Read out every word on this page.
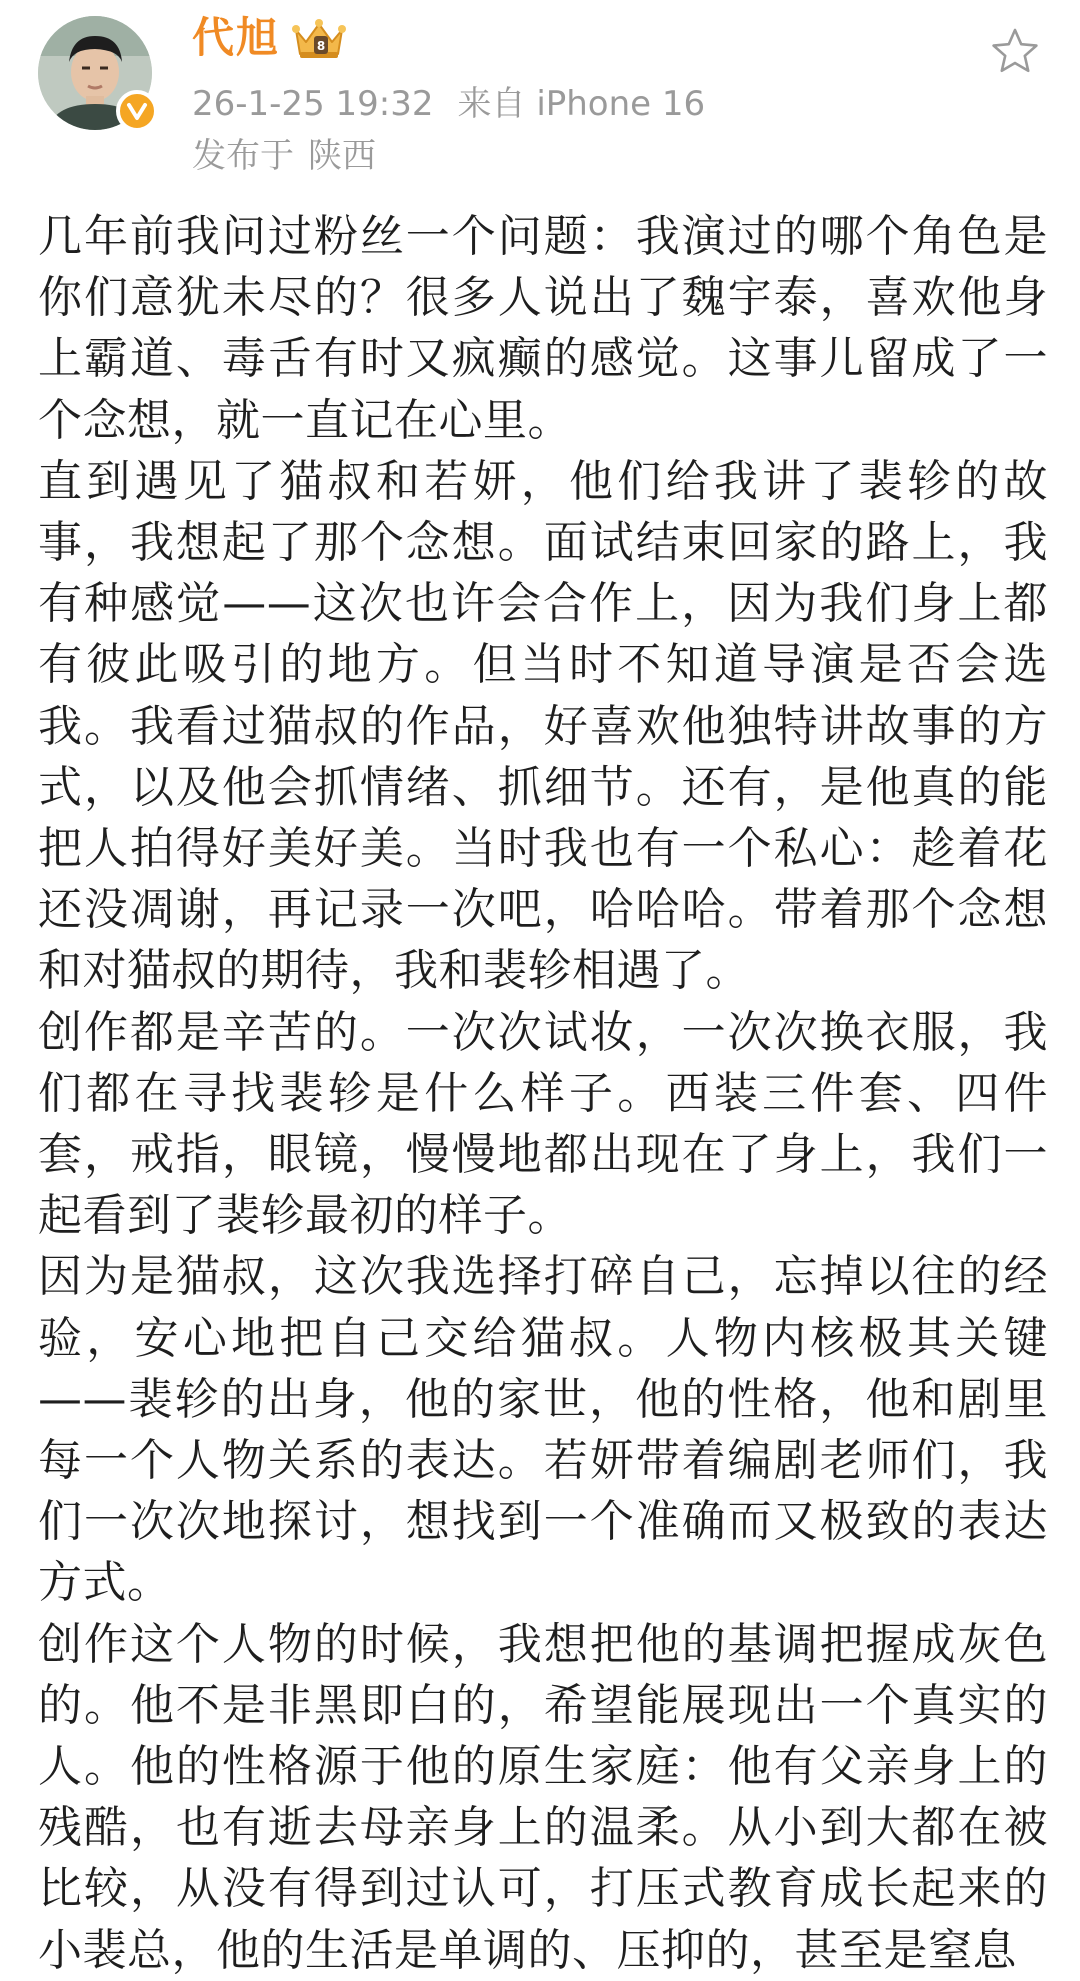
代旭	8
26-1-25 19:32 来自 iPhone 16
发布于 陕西

几年前我问过粉丝一个问题：我演过的哪个角色是你们意犹未尽的？很多人说出了魏宇泰，喜欢他身上霸道、毒舌有时又疯癫的感觉。这事儿留成了一个念想，就一直记在心里。

直到遇见了猫叔和若妍，他们给我讲了裴轸的故事，我想起了那个念想。面试结束回家的路上，我有种感觉——这次也许会合作上，因为我们身上都有彼此吸引的地方。但当时不知道导演是否会选我。我看过猫叔的作品，好喜欢他独特讲故事的方式，以及他会抓情绪、抓细节。还有，是他真的能把人拍得好美好美。当时我也有一个私心：趁着花还没凋谢，再记录一次吧，哈哈哈。带着那个念想和对猫叔的期待，我和裴轸相遇了。

创作都是辛苦的。一次次试妆，一次次换衣服，我们都在寻找裴轸是什么样子。西装三件套、四件套，戒指，眼镜，慢慢地都出现在了身上，我们一起看到了裴轸最初的样子。

因为是猫叔，这次我选择打碎自己，忘掉以往的经验，安心地把自己交给猫叔。人物内核极其关键——裴轸的出身，他的家世，他的性格，他和剧里每一个人物关系的表达。若妍带着编剧老师们，我们一次次地探讨，想找到一个准确而又极致的表达方式。

创作这个人物的时候，我想把他的基调把握成灰色的。他不是非黑即白的，希望能展现出一个真实的人。他的性格源于他的原生家庭：他有父亲身上的残酷，也有逝去母亲身上的温柔。从小到大都在被比较，从没有得到过认可，打压式教育成长起来的小裴总，他的生活是单调的、压抑的，甚至是窒息
